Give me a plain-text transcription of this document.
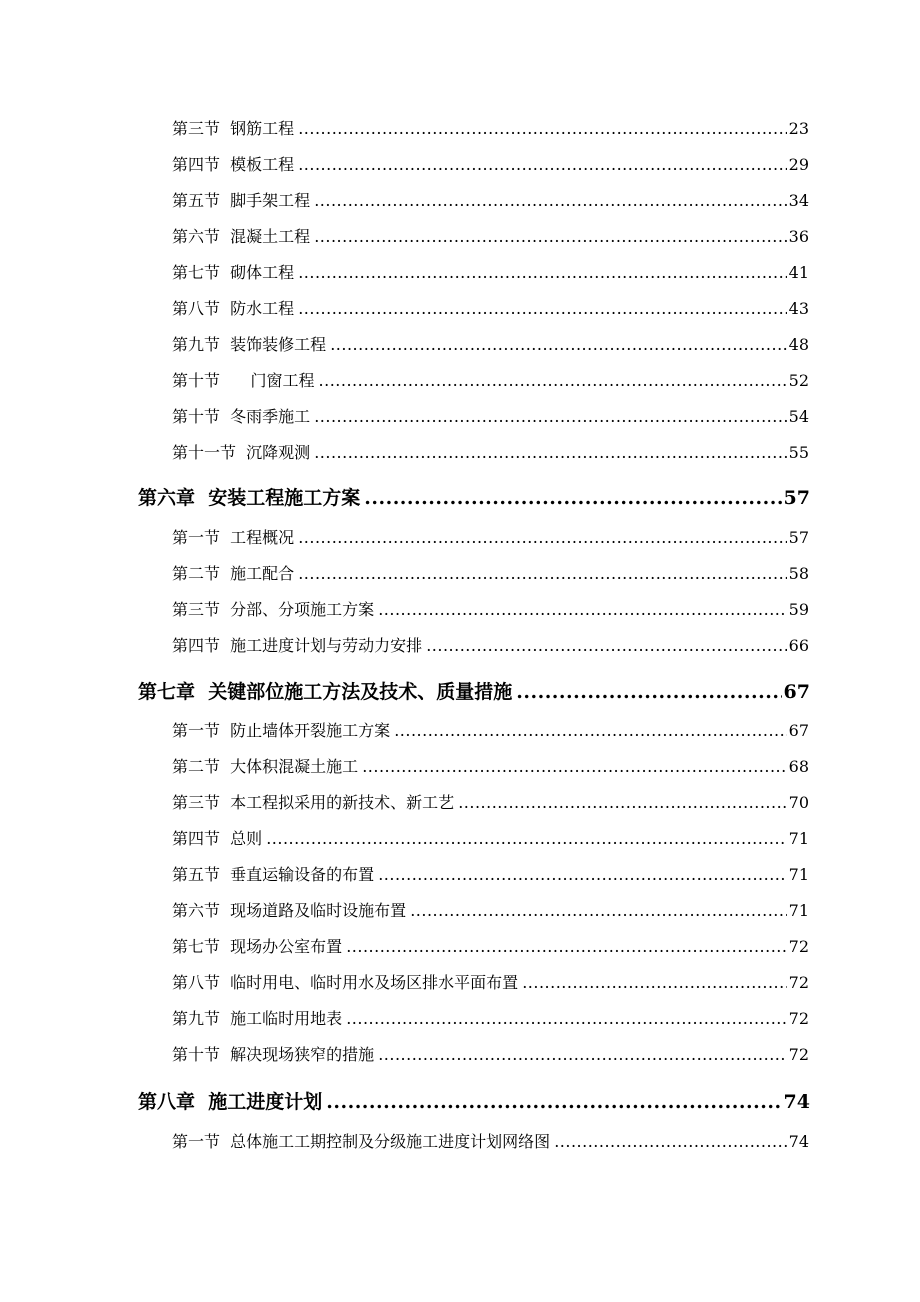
第三节  钢筋工程 .....	23
第四节  模板工程 .....	29
第五节  脚手架工程 .....	34
第六节  混凝土工程 .....	36
第七节  砌体工程 .....	41
第八节  防水工程 .....	43
第九节  装饰装修工程 .....	48
第十节      门窗工程 .....	52
第十节  冬雨季施工 .....	54
第十一节  沉降观测 .....	55
第六章  安装工程施工方案 .....	57
第一节  工程概况 .....	57
第二节  施工配合 .....	58
第三节  分部、分项施工方案 .....	59
第四节  施工进度计划与劳动力安排 .....	66
第七章  关键部位施工方法及技术、质量措施 .....	67
第一节  防止墙体开裂施工方案 .....	67
第二节  大体积混凝土施工 .....	68
第三节  本工程拟采用的新技术、新工艺 .....	70
第四节  总则 .....	71
第五节  垂直运输设备的布置 .....	71
第六节  现场道路及临时设施布置 .....	71
第七节  现场办公室布置 .....	72
第八节  临时用电、临时用水及场区排水平面布置 .....	72
第九节  施工临时用地表 .....	72
第十节  解决现场狭窄的措施 .....	72
第八章  施工进度计划 .....	74
第一节  总体施工工期控制及分级施工进度计划网络图 .....	74
